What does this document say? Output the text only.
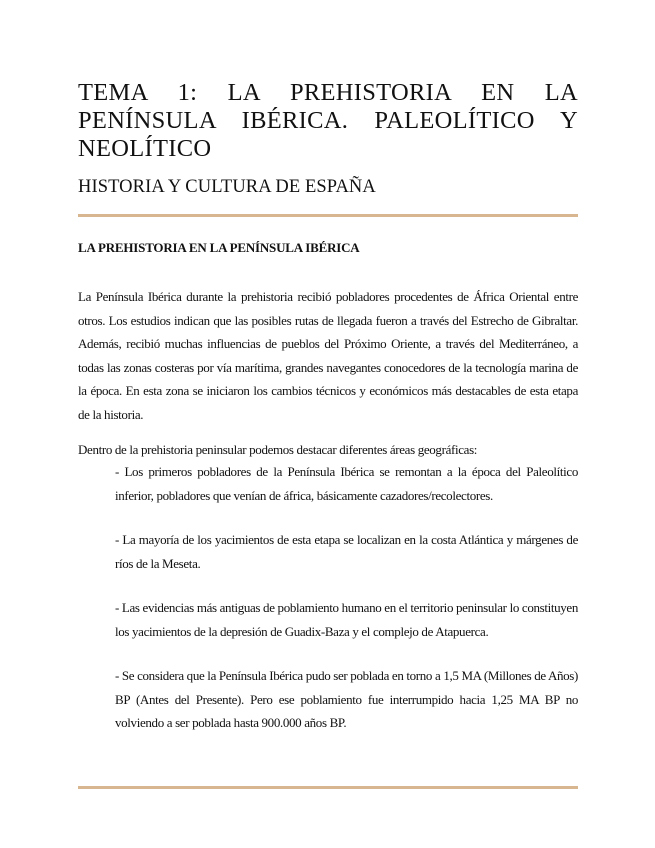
TEMA 1: LA PREHISTORIA EN LA PENÍNSULA IBÉRICA. PALEOLÍTICO Y NEOLÍTICO
HISTORIA Y CULTURA DE ESPAÑA
LA PREHISTORIA EN LA PENÍNSULA IBÉRICA

La Península Ibérica durante la prehistoria recibió pobladores procedentes de África Oriental entre otros. Los estudios indican que las posibles rutas de llegada fueron a través del Estrecho de Gibraltar. Además, recibió muchas influencias de pueblos del Próximo Oriente, a través del Mediterráneo, a todas las zonas costeras por vía marítima, grandes navegantes conocedores de la tecnología marina de la época. En esta zona se iniciaron los cambios técnicos y económicos más destacables de esta etapa de la historia.

Dentro de la prehistoria peninsular podemos destacar diferentes áreas geográficas:

- Los primeros pobladores de la Península Ibérica se remontan a la época del Paleolítico inferior, pobladores que venían de áfrica, básicamente cazadores/recolectores.
- La mayoría de los yacimientos de esta etapa se localizan en la costa Atlántica y márgenes de ríos de la Meseta.
- Las evidencias más antiguas de poblamiento humano en el territorio peninsular lo constituyen los yacimientos de la depresión de Guadix-Baza y el complejo de Atapuerca.
- Se considera que la Península Ibérica pudo ser poblada en torno a 1,5 MA (Millones de Años) BP (Antes del Presente). Pero ese poblamiento fue interrumpido hacia 1,25 MA BP no volviendo a ser poblada hasta 900.000 años BP.
